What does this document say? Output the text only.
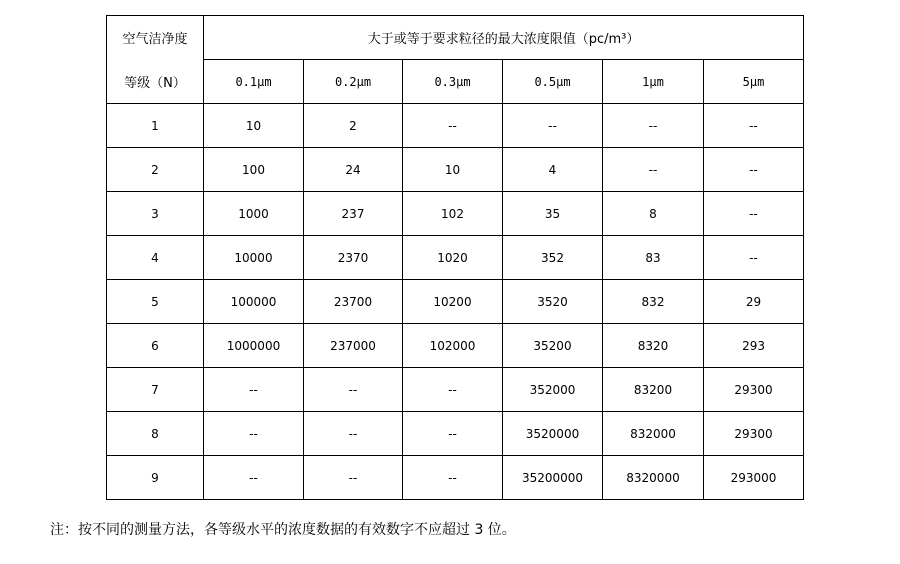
空气洁净度	大于或等于要求粒径的最大浓度限值（pc/m³）					
等级（N）	0.1μm	0.2μm	0.3μm	0.5μm	1μm	5μm
1	10	2	--	--	--	--
2	100	24	10	4	--	--
3	1000	237	102	35	8	--
4	10000	2370	1020	352	83	--
5	100000	23700	10200	3520	832	29
6	1000000	237000	102000	35200	8320	293
7	--	--	--	352000	83200	29300
8	--	--	--	3520000	832000	29300
9	--	--	--	35200000	8320000	293000
注：按不同的测量方法，各等级水平的浓度数据的有效数字不应超过 3 位。
